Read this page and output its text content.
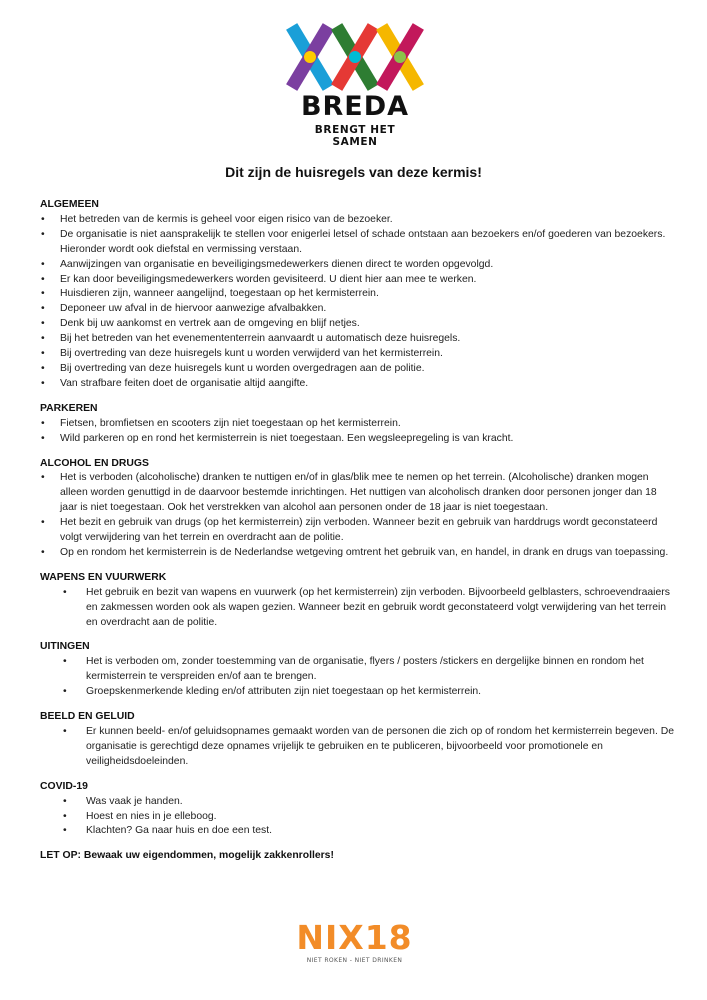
BREDA
BRENGT HET SAMEN
Dit zijn de huisregels van deze kermis!
ALGEMEEN
• Het betreden van de kermis is geheel voor eigen risico van de bezoeker.
• De organisatie is niet aansprakelijk te stellen voor enigerlei letsel of schade ontstaan aan bezoekers en/of goederen van bezoekers. Hieronder wordt ook diefstal en vermissing verstaan.
• Aanwijzingen van organisatie en beveiligingsmedewerkers dienen direct te worden opgevolgd.
• Er kan door beveiligingsmedewerkers worden gevisiteerd. U dient hier aan mee te werken.
• Huisdieren zijn, wanneer aangelijnd, toegestaan op het kermisterrein.
• Deponeer uw afval in de hiervoor aanwezige afvalbakken.
• Denk bij uw aankomst en vertrek aan de omgeving en blijf netjes.
• Bij het betreden van het evenemententerrein aanvaardt u automatisch deze huisregels.
• Bij overtreding van deze huisregels kunt u worden verwijderd van het kermisterrein.
• Bij overtreding van deze huisregels kunt u worden overgedragen aan de politie.
• Van strafbare feiten doet de organisatie altijd aangifte.
PARKEREN
• Fietsen, bromfietsen en scooters zijn niet toegestaan op het kermisterrein.
• Wild parkeren op en rond het kermisterrein is niet toegestaan. Een wegsleepregeling is van kracht.
ALCOHOL EN DRUGS
• Het is verboden (alcoholische) dranken te nuttigen en/of in glas/blik mee te nemen op het terrein. (Alcoholische) dranken mogen alleen worden genuttigd in de daarvoor bestemde inrichtingen. Het nuttigen van alcoholisch dranken door personen jonger dan 18 jaar is niet toegestaan. Ook het verstrekken van alcohol aan personen onder de 18 jaar is niet toegestaan.
• Het bezit en gebruik van drugs (op het kermisterrein) zijn verboden. Wanneer bezit en gebruik van harddrugs wordt geconstateerd volgt verwijdering van het terrein en overdracht aan de politie.
• Op en rondom het kermisterrein is de Nederlandse wetgeving omtrent het gebruik van, en handel, in drank en drugs van toepassing.
WAPENS EN VUURWERK
• Het gebruik en bezit van wapens en vuurwerk (op het kermisterrein) zijn verboden. Bijvoorbeeld gelblasters, schroevendraaiers en zakmessen worden ook als wapen gezien. Wanneer bezit en gebruik wordt geconstateerd volgt verwijdering van het terrein en overdracht aan de politie.
UITINGEN
• Het is verboden om, zonder toestemming van de organisatie, flyers / posters /stickers en dergelijke binnen en rondom het kermisterrein te verspreiden en/of aan te brengen.
• Groepskenmerkende kleding en/of attributen zijn niet toegestaan op het kermisterrein.
BEELD EN GELUID
• Er kunnen beeld- en/of geluidsopnames gemaakt worden van de personen die zich op of rondom het kermisterrein begeven. De organisatie is gerechtigd deze opnames vrijelijk te gebruiken en te publiceren, bijvoorbeeld voor promotionele en veiligheidsdoeleinden.
COVID-19
• Was vaak je handen.
• Hoest en nies in je elleboog.
• Klachten? Ga naar huis en doe een test.

LET OP: Bewaak uw eigendommen, mogelijk zakkenrollers!

NIX18
NIET ROKEN - NIET DRINKEN
